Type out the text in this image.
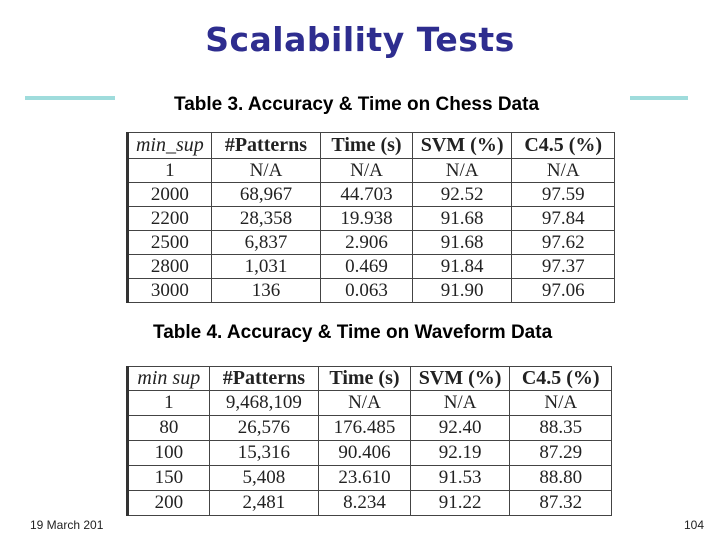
Scalability Tests
Table 3. Accuracy & Time on Chess Data
min_sup	#Patterns	Time (s)	SVM (%)	C4.5 (%)
1	N/A	N/A	N/A	N/A
2000	68,967	44.703	92.52	97.59
2200	28,358	19.938	91.68	97.84
2500	6,837	2.906	91.68	97.62
2800	1,031	0.469	91.84	97.37
3000	136	0.063	91.90	97.06
Table 4. Accuracy & Time on Waveform Data
min sup	#Patterns	Time (s)	SVM (%)	C4.5 (%)
1	9,468,109	N/A	N/A	N/A
80	26,576	176.485	92.40	88.35
100	15,316	90.406	92.19	87.29
150	5,408	23.610	91.53	88.80
200	2,481	8.234	91.22	87.32
19 March 201	104
